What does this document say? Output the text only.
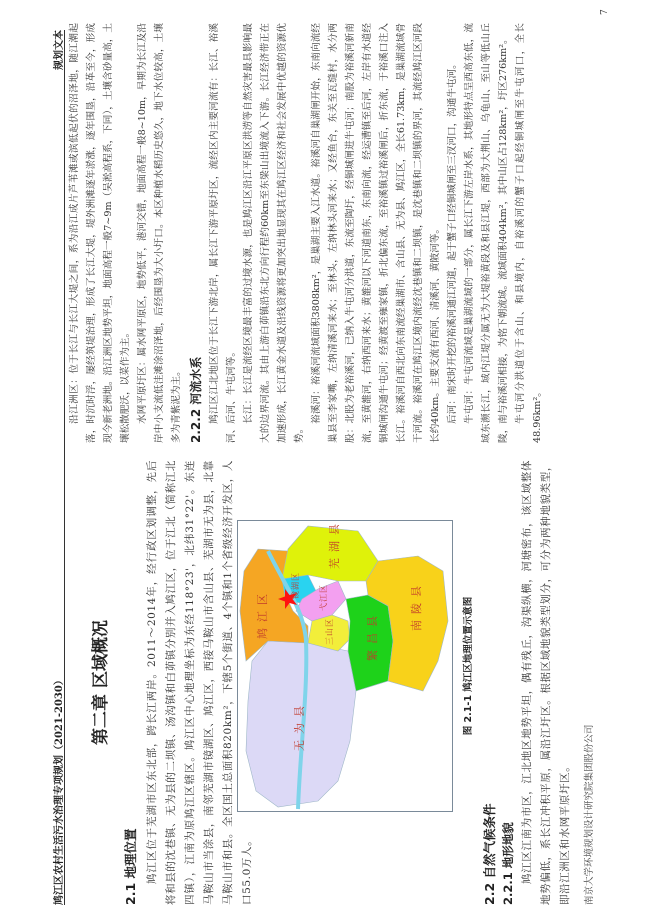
鸠江区农村生活污水治理专项规划（2021-2030）
规划文本
第二章 区域概况
2.1 地理位置 鸠江区位于芜湖市区东北部，跨长江两岸。2011～2014年，经行政区划调整，先后将和县的沈巷镇、无为县的二坝镇、汤沟镇和白茆镇分别并入鸠江区，位于江北（简称江北四镇），江南为原鸠江区辖区。鸠江区中心地理坐标为东经118°23'，北纬31°22'。东连马鞍山市当涂县，南邻芜湖市镜湖区、鸠江区，西接马鞍山市含山县、芜湖市无为县，北靠马鞍山市和县。全区国土总面积820km²，下辖5个街道、4个镇和1个省级经济开发区，人口55.0万人。

无为县
鸠江区
镜湖区 弋江区
三山区
芜湖县
繁昌县
南陵县	图 2.1-1 鸠江区地理位置示意图
2.2 自然气候条件 2.2.1 地形地貌 鸠江区江南为市区，江北地区地势平坦，偶有残丘，沟渠纵横，河塘密布，该区域整体地势偏低，系长江冲积平原，属沿江圩区。根据区域地貌类型划分，可分为两种地貌类型，即沿江洲区和水网平原圩区。	南京大学环境规划设计研究院集团股份公司

沿江洲区：位于长江与长江大堤之间，系为沿江成片芦苇滩或滨低起伏的沼泽地，随江潮起落，时沉时浮，屡经筑堤治理，形成了长江大堤，堤外洲滩逐年淤涨，逐年围垦，沿革至今，形成现今新老洲地。沿江洲区地势平坦，地面高程一般7~9m（吴淞高程系，下同），土壤含砂量高，土壤松散肥沃，以菜作为主。 水网平原圩区：属水网平原区，地势低平，港河交错，地面高程一般8~10m，早期为长江及沿岸中小支流低洼滩涂沼泽地，后经围垦为大小圩口。本区种植水稻历史悠久，地下水位较高，土壤多为青紫泥为主。 2.2.2 河流水系 鸠江区江北地区位于长江下游北岸，属长江下游平原圩区，流经区内主要河流有：长江、裕溪河、后河、牛屯河等。 长江：长江是流经区境最丰富的过境水源，也是鸠江区沿江平原区洪涝等自然灾害最具影响最大的边界河流。其由上游白茆镇沿东北方向行程约60km至东梁山出境流入下游。长江经济带正在加速形成，长江黄金水道及沿线资源将更加突出地显现其在鸠江区经济和社会发展中优越的资源优势。

裕溪河：裕溪河流域面积3808km²，是巢湖主要入江水道。裕溪河自巢湖闸开始，东南向流经巢县至李家嘴，左纳清溪河来水；至林头，左纳林头河来水；又经鱼台，东关至瓦缝村，水分两股：北股为老裕溪河，已纳入牛屯河分洪道，东流至陶圩，经铜城闸进牛屯河；南股为裕溪河新南流，至黄雒河，右纳西河来水；黄雒河以下河道南东，东南向流，经运漕镇至后河，左岸有水道经铜城闸沟通牛屯河；经黄渡至雍家镇，折北偏东流，至裕溪镇过裕溪闸后，折东流，于裕溪口注入长江。裕溪河自西北向东南流经巢湖市、含山县、无为县、鸠江区，全长61.73km，是巢湖流域骨干河流。裕溪河在鸠江区境内流经沈巷镇和二坝镇，是沈巷镇和二坝镇的界河，其流经鸠江区河段长约40km。主要支流有西河、清溪河、黄陂河等。 后河：南宋时开挖的裕溪河通江河道，起于蟹子口经铜城闸至三汊河口，沟通牛屯河。 牛屯河：牛屯河流域是巢湖流域的一部分，属长江下游左岸水系，其地形特点呈西高东低，流域东濒长江，域内江堤分属无为大堤裕黄段及和县江堤，西部为大荆山、乌龟山、至山等低山丘陵，南与裕溪河相接，为铭下朝流域。流域面积404km²，其中山区占128km²，圩区276km²。 牛屯河分洪道位于含山、和县境内，自裕溪河的蟹子口起经铜城闸至牛屯河口，全长48.96km²。

7
